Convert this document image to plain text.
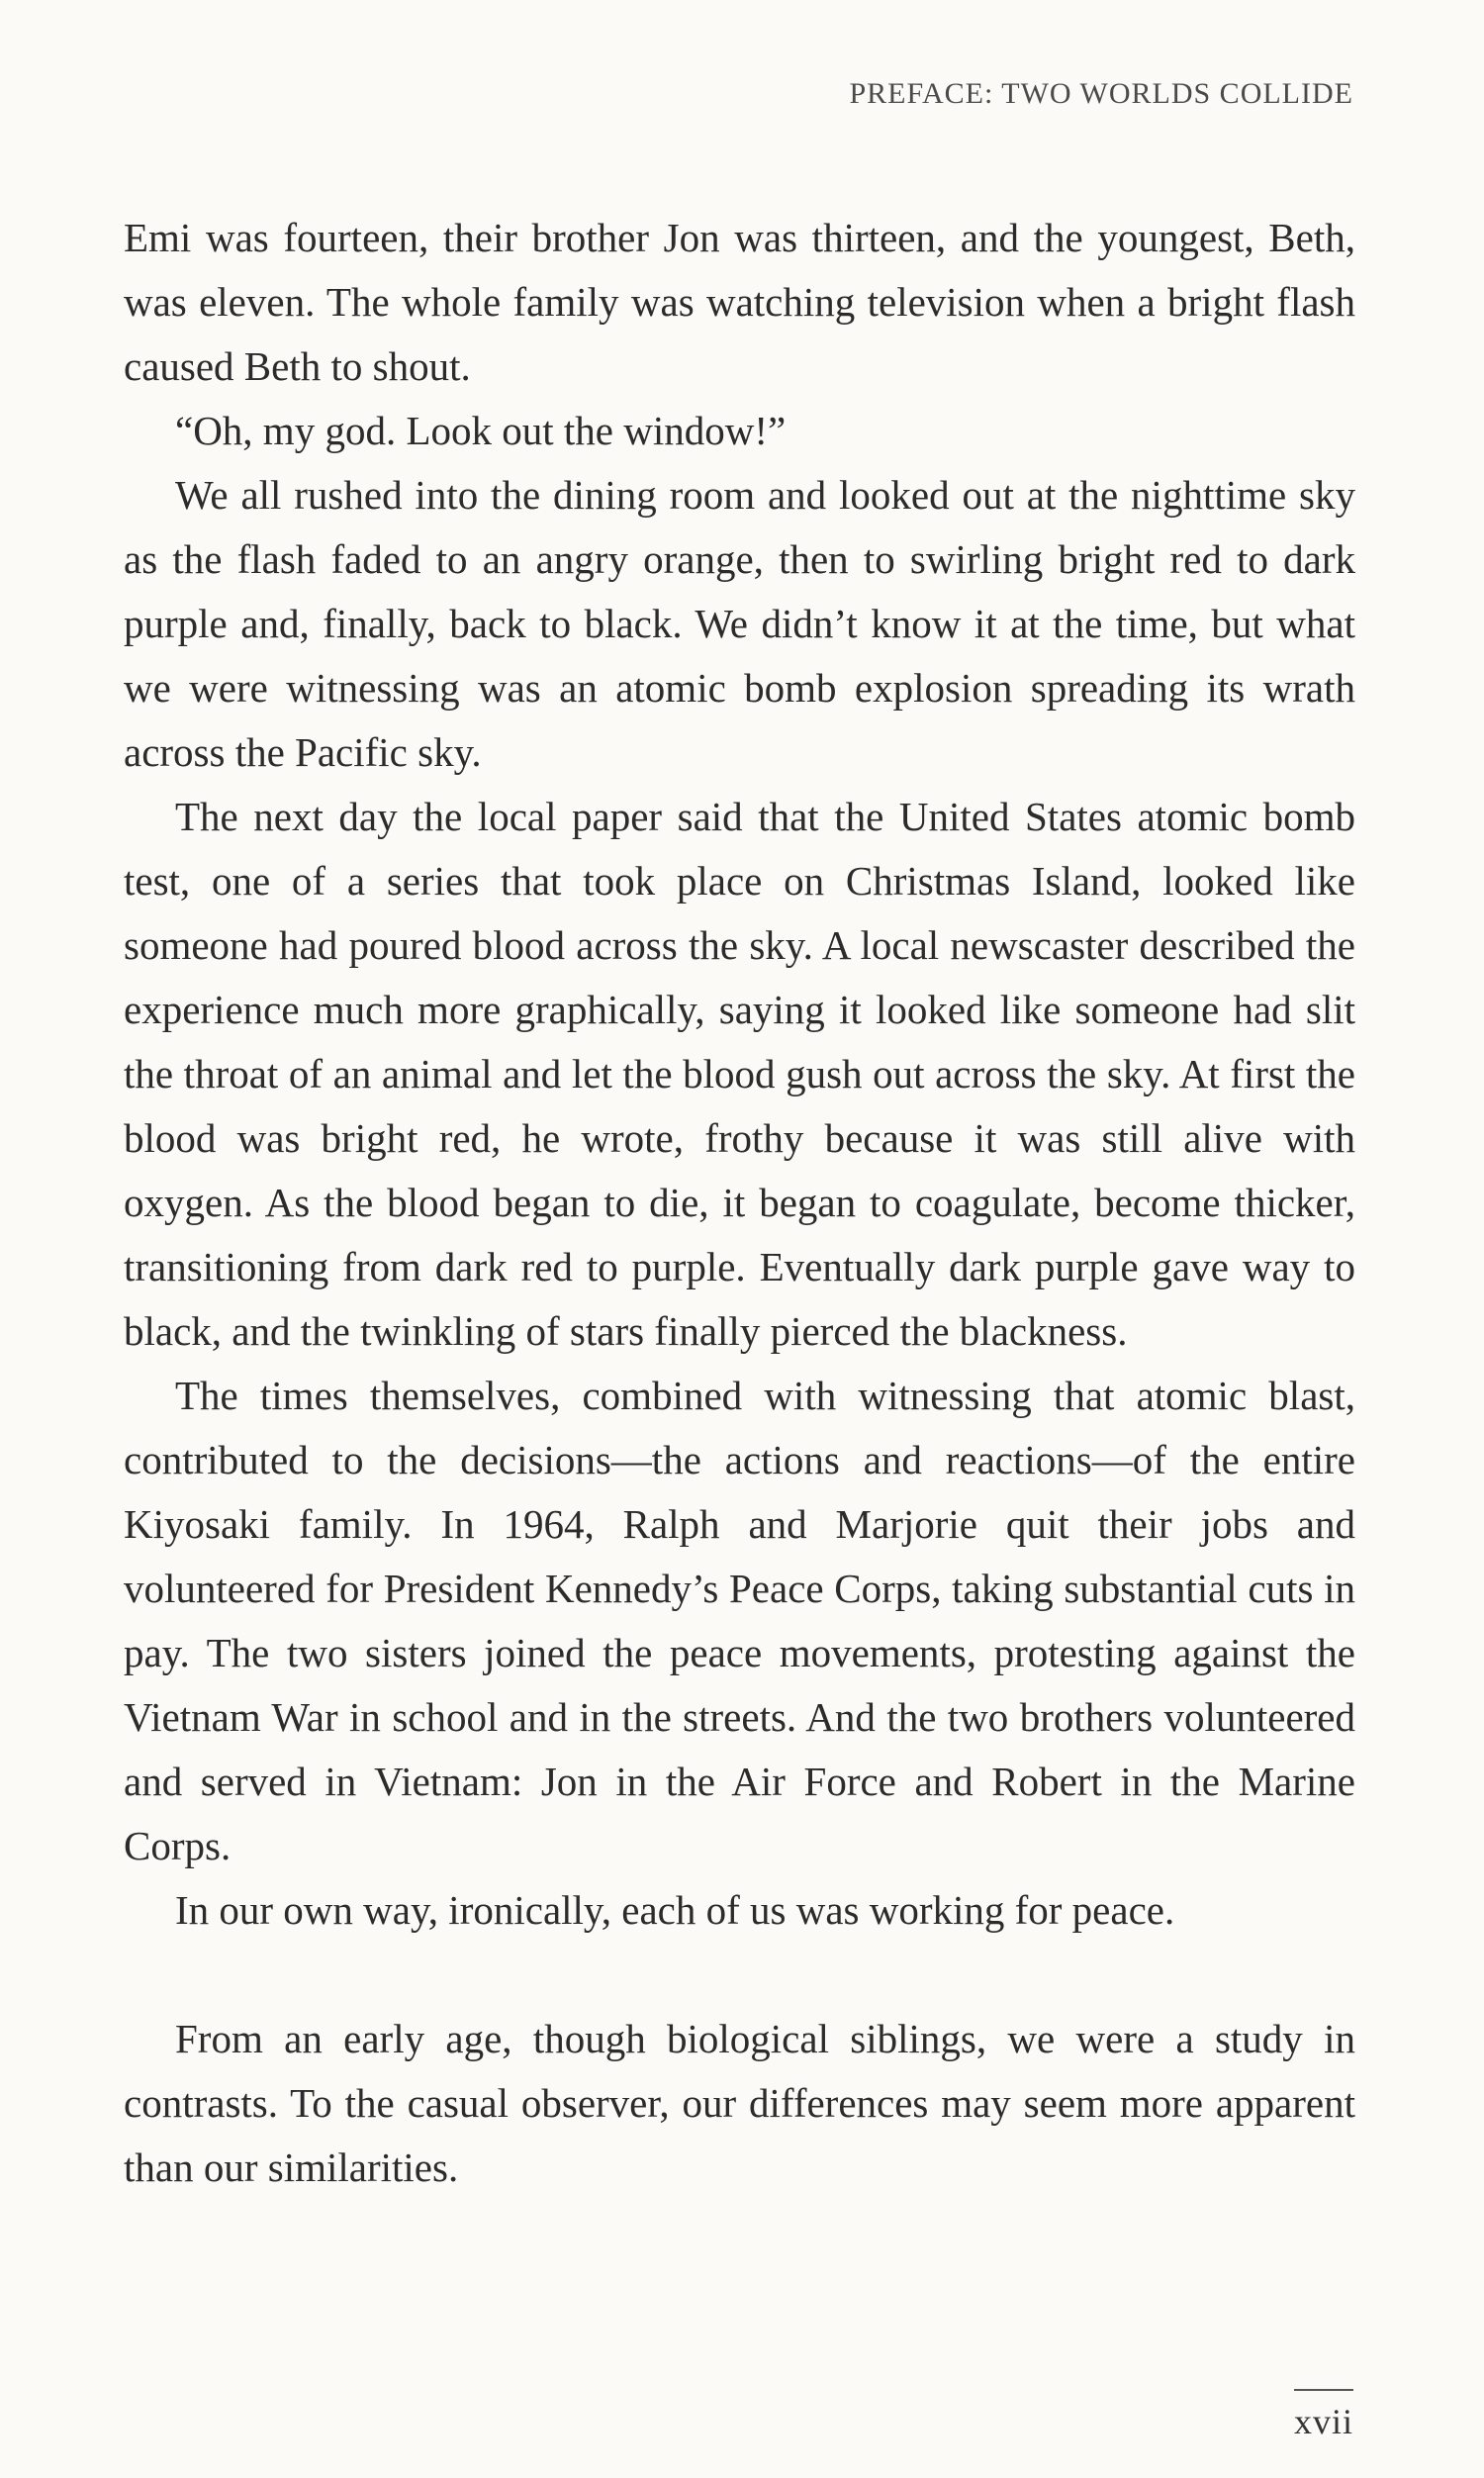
PREFACE: TWO WORLDS COLLIDE

Emi was fourteen, their brother Jon was thirteen, and the youngest, Beth, was eleven. The whole family was watching television when a bright flash caused Beth to shout.

“Oh, my god. Look out the window!”

We all rushed into the dining room and looked out at the nighttime sky as the flash faded to an angry orange, then to swirling bright red to dark purple and, finally, back to black. We didn’t know it at the time, but what we were witnessing was an atomic bomb explosion spreading its wrath across the Pacific sky.

The next day the local paper said that the United States atomic bomb test, one of a series that took place on Christmas Island, looked like someone had poured blood across the sky. A local newscaster described the experience much more graphically, saying it looked like someone had slit the throat of an animal and let the blood gush out across the sky. At first the blood was bright red, he wrote, frothy because it was still alive with oxygen. As the blood began to die, it began to coagulate, become thicker, transitioning from dark red to purple. Eventually dark purple gave way to black, and the twinkling of stars finally pierced the blackness.

The times themselves, combined with witnessing that atomic blast, contributed to the decisions—the actions and reactions—of the entire Kiyosaki family. In 1964, Ralph and Marjorie quit their jobs and volunteered for President Kennedy’s Peace Corps, taking substantial cuts in pay. The two sisters joined the peace movements, protesting against the Vietnam War in school and in the streets. And the two brothers volunteered and served in Vietnam: Jon in the Air Force and Robert in the Marine Corps.

In our own way, ironically, each of us was working for peace.

From an early age, though biological siblings, we were a study in contrasts. To the casual observer, our differences may seem more apparent than our similarities.

xvii
